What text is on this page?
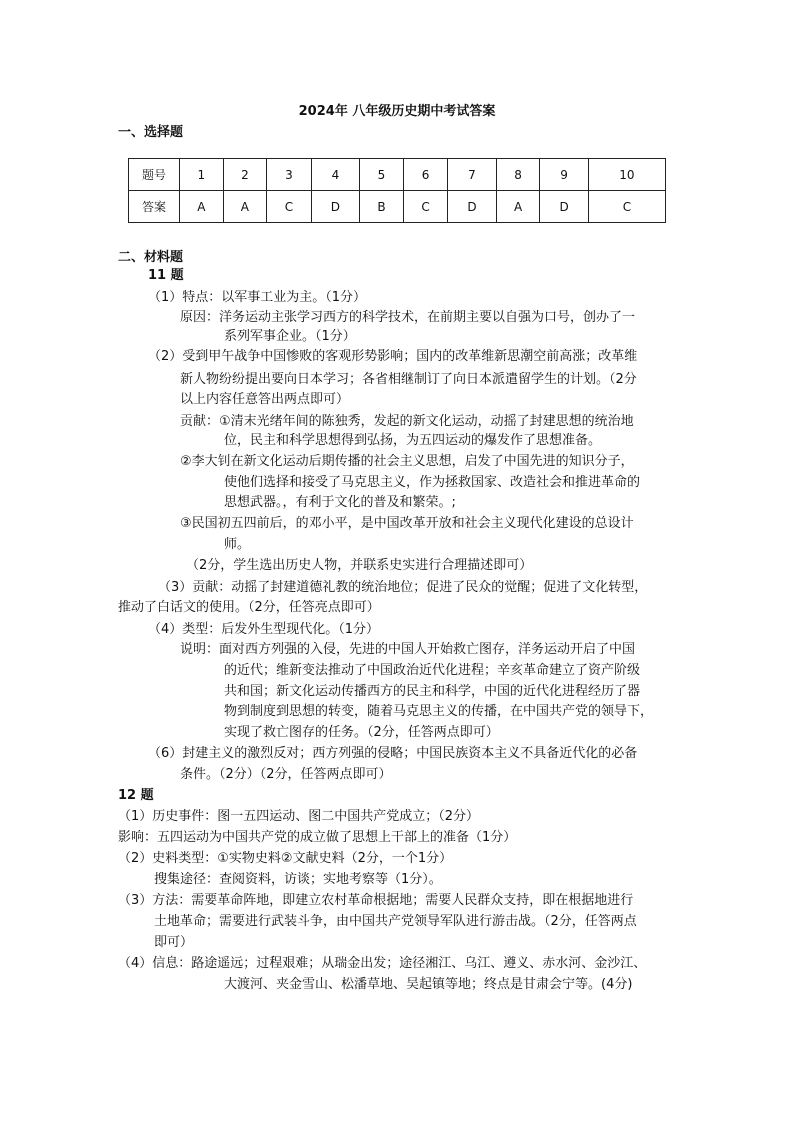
2024年 八年级历史期中考试答案
一、选择题
题号	1	2	3	4	5	6	7	8	9	10
答案	A	A	C	D	B	C	D	A	D	C
二、材料题
11 题
（1）特点：以军事工业为主。（1分）
原因：洋务运动主张学习西方的科学技术，在前期主要以自强为口号，创办了一
系列军事企业。（1分）
（2）受到甲午战争中国惨败的客观形势影响；国内的改革维新思潮空前高涨；改革维
新人物纷纷提出要向日本学习；各省相继制订了向日本派遣留学生的计划。（2分
以上内容任意答出两点即可）
贡献：①清末光绪年间的陈独秀，发起的新文化运动，动摇了封建思想的统治地
位，民主和科学思想得到弘扬，为五四运动的爆发作了思想准备。
②李大钊在新文化运动后期传播的社会主义思想，启发了中国先进的知识分子，
使他们选择和接受了马克思主义，作为拯救国家、改造社会和推进革命的
思想武器。，有利于文化的普及和繁荣。;
③民国初五四前后，的邓小平，是中国改革开放和社会主义现代化建设的总设计
师。
（2分，学生选出历史人物，并联系史实进行合理描述即可）
（3）贡献：动摇了封建道德礼教的统治地位；促进了民众的觉醒；促进了文化转型，
推动了白话文的使用。（2分，任答亮点即可）
（4）类型：后发外生型现代化。（1分）
说明：面对西方列强的入侵，先进的中国人开始救亡图存，洋务运动开启了中国
的近代；维新变法推动了中国政治近代化进程；辛亥革命建立了资产阶级
共和国；新文化运动传播西方的民主和科学，中国的近代化进程经历了器
物到制度到思想的转变，随着马克思主义的传播，在中国共产党的领导下，
实现了救亡图存的任务。（2分，任答两点即可）
（6）封建主义的激烈反对；西方列强的侵略；中国民族资本主义不具备近代化的必备
条件。（2分）（2分，任答两点即可）
12 题
（1）历史事件：图一五四运动、图二中国共产党成立；（2分）
影响：五四运动为中国共产党的成立做了思想上干部上的准备（1分）
（2）史料类型：①实物史料②文献史料（2分，一个1分）
搜集途径：查阅资料，访谈；实地考察等（1分）。
（3）方法：需要革命阵地，即建立农村革命根据地；需要人民群众支持，即在根据地进行
土地革命；需要进行武装斗争，由中国共产党领导军队进行游击战。（2分，任答两点
即可）
（4）信息：路途遥远；过程艰难；从瑞金出发；途径湘江、乌江、遵义、赤水河、金沙江、
大渡河、夹金雪山、松潘草地、吴起镇等地；终点是甘肃会宁等。(4分)
